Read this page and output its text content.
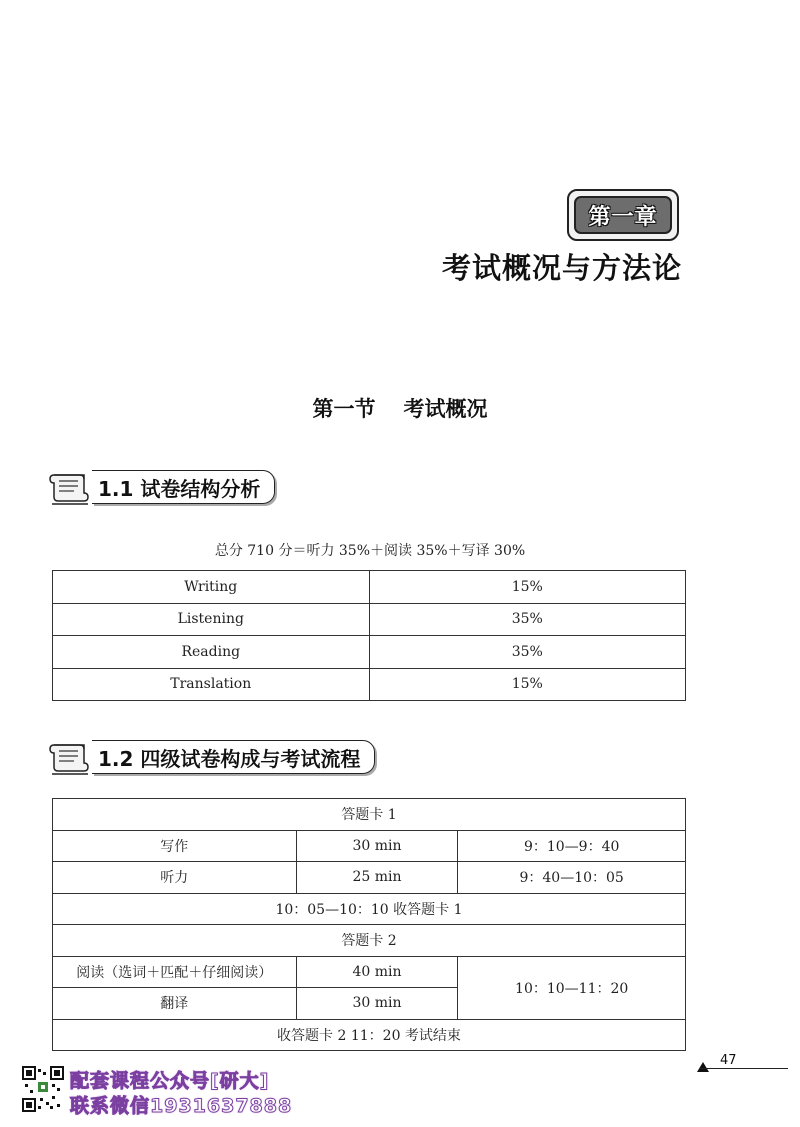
第一章
考试概况与方法论
第一节 考试概况
1.1 试卷结构分析
总分 710 分＝听力 35%＋阅读 35%＋写译 30%
Writing	15%
Listening	35%
Reading	35%
Translation	15%
1.2 四级试卷构成与考试流程
答题卡 1		
写作	30 min	9：10—9：40
听力	25 min	9：40—10：05
10：05—10：10 收答题卡 1		
答题卡 2		
阅读（选词＋匹配＋仔细阅读）	40 min	10：10—11：20
翻译	30 min	
收答题卡 2 11：20 考试结束		
47
配套课程公众号[研大]
联系微信1931637888
